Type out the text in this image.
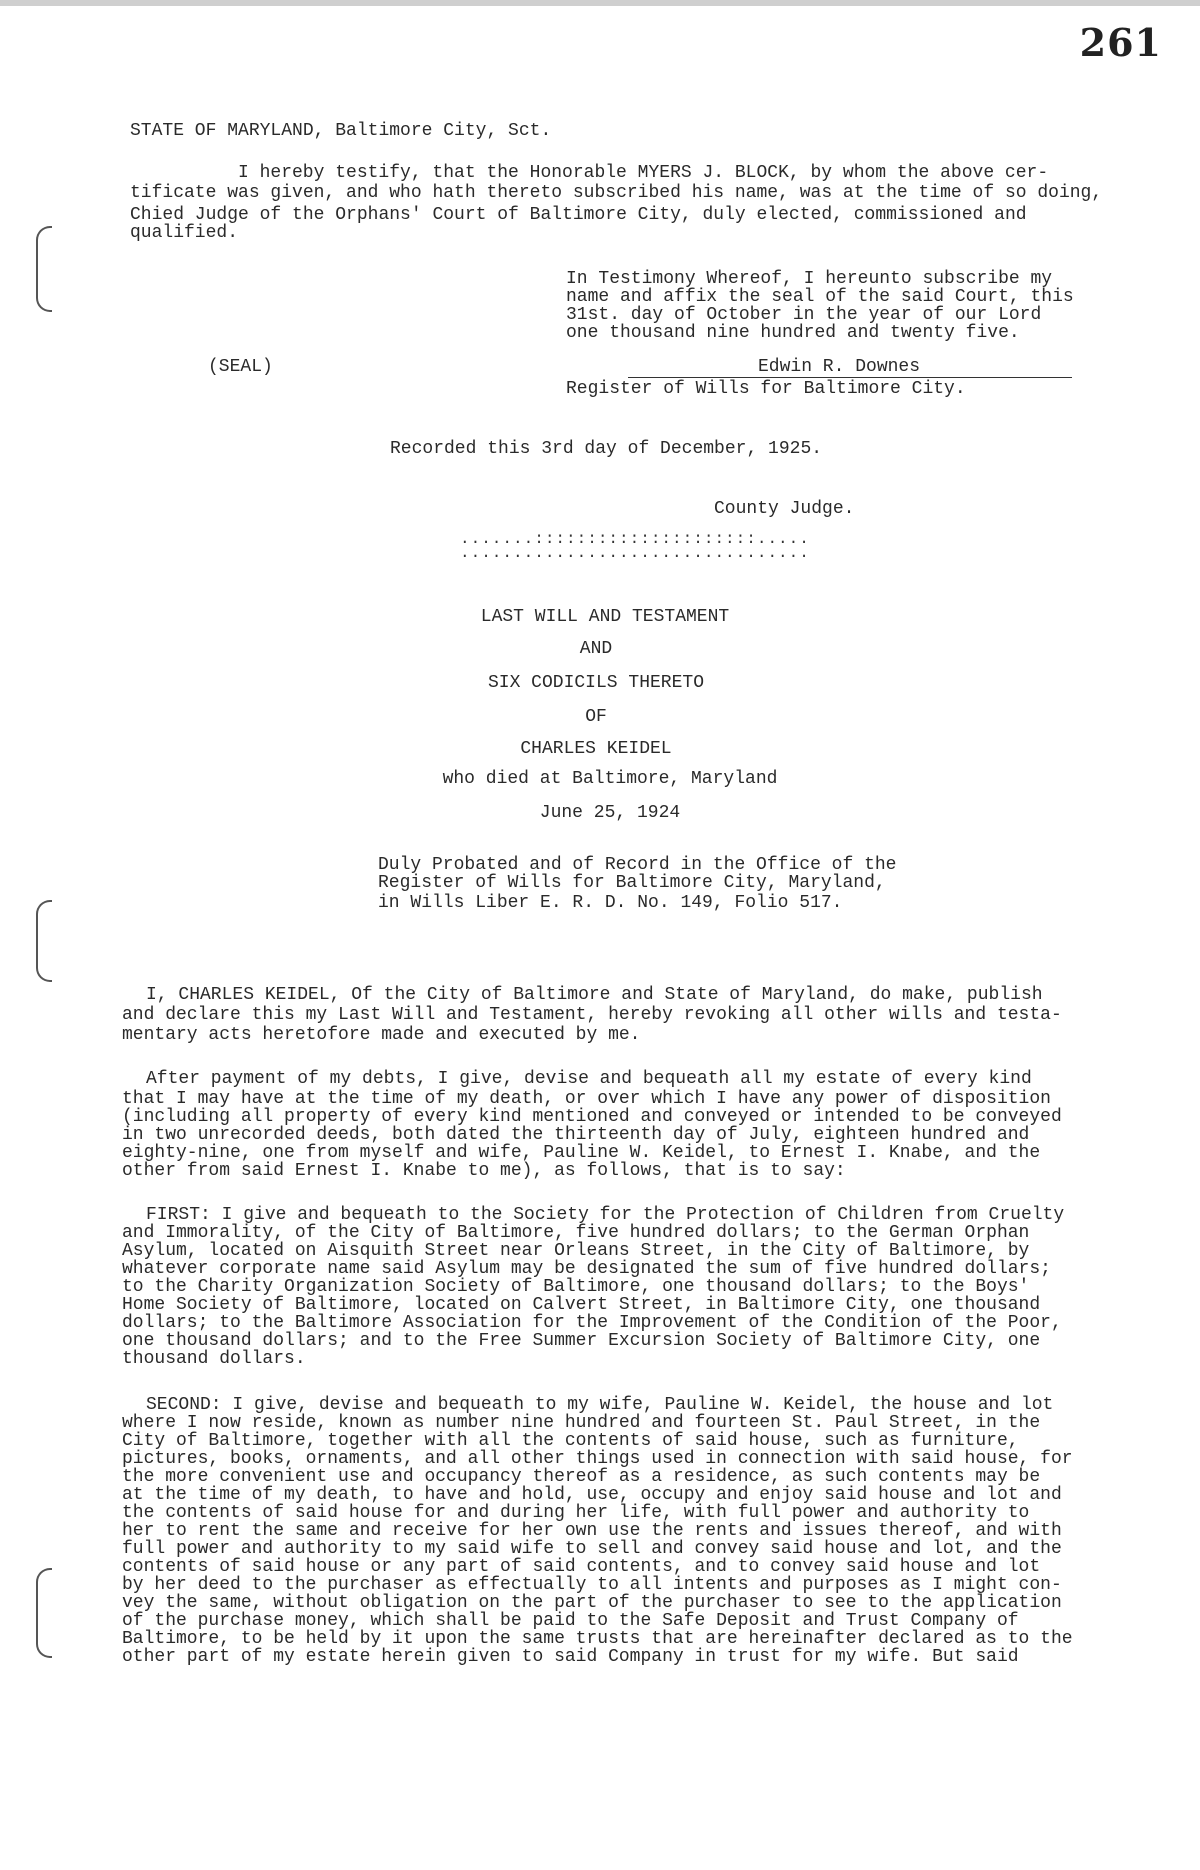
261
STATE OF MARYLAND, Baltimore City, Sct.
I hereby testify, that the Honorable MYERS J. BLOCK, by whom the above cer-
tificate was given, and who hath thereto subscribed his name, was at the time of so doing,
Chied Judge of the Orphans' Court of Baltimore City, duly elected, commissioned and
qualified.
In Testimony Whereof, I hereunto subscribe my
name and affix the seal of the said Court, this
31st. day of October in the year of our Lord
one thousand nine hundred and twenty five.
(SEAL)	Edwin R. Downes
Register of Wills for Baltimore City.
Recorded this 3rd day of December, 1925.
County Judge.
.......:::::::::::::::::::::.....
.................................
LAST WILL AND TESTAMENT
AND
SIX CODICILS THERETO
OF
CHARLES KEIDEL
who died at Baltimore, Maryland
June 25, 1924
Duly Probated and of Record in the Office of the
Register of Wills for Baltimore City, Maryland,
in Wills Liber E. R. D. No. 149, Folio 517.
I, CHARLES KEIDEL, Of the City of Baltimore and State of Maryland, do make, publish
and declare this my Last Will and Testament, hereby revoking all other wills and testa-
mentary acts heretofore made and executed by me.
After payment of my debts, I give, devise and bequeath all my estate of every kind
that I may have at the time of my death, or over which I have any power of disposition
(including all property of every kind mentioned and conveyed or intended to be conveyed
in two unrecorded deeds, both dated the thirteenth day of July, eighteen hundred and
eighty-nine, one from myself and wife, Pauline W. Keidel, to Ernest I. Knabe, and the
other from said Ernest I. Knabe to me), as follows, that is to say:
FIRST: I give and bequeath to the Society for the Protection of Children from Cruelty
and Immorality, of the City of Baltimore, five hundred dollars; to the German Orphan
Asylum, located on Aisquith Street near Orleans Street, in the City of Baltimore, by
whatever corporate name said Asylum may be designated the sum of five hundred dollars;
to the Charity Organization Society of Baltimore, one thousand dollars; to the Boys'
Home Society of Baltimore, located on Calvert Street, in Baltimore City, one thousand
dollars; to the Baltimore Association for the Improvement of the Condition of the Poor,
one thousand dollars; and to the Free Summer Excursion Society of Baltimore City, one
thousand dollars.
SECOND: I give, devise and bequeath to my wife, Pauline W. Keidel, the house and lot
where I now reside, known as number nine hundred and fourteen St. Paul Street, in the
City of Baltimore, together with all the contents of said house, such as furniture,
pictures, books, ornaments, and all other things used in connection with said house, for
the more convenient use and occupancy thereof as a residence, as such contents may be
at the time of my death, to have and hold, use, occupy and enjoy said house and lot and
the contents of said house for and during her life, with full power and authority to
her to rent the same and receive for her own use the rents and issues thereof, and with
full power and authority to my said wife to sell and convey said house and lot, and the
contents of said house or any part of said contents, and to convey said house and lot
by her deed to the purchaser as effectually to all intents and purposes as I might con-
vey the same, without obligation on the part of the purchaser to see to the application
of the purchase money, which shall be paid to the Safe Deposit and Trust Company of
Baltimore, to be held by it upon the same trusts that are hereinafter declared as to the
other part of my estate herein given to said Company in trust for my wife. But said
